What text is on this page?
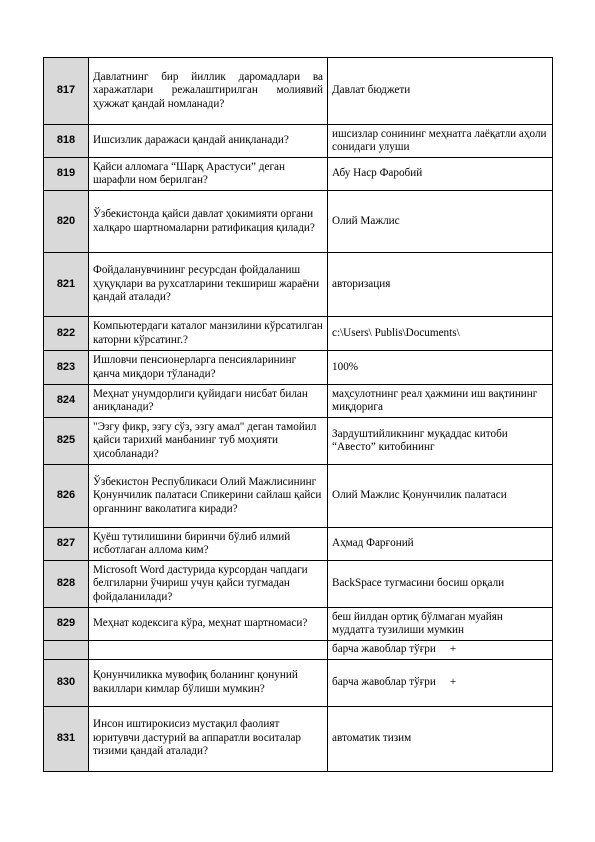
817	Давлатнинг бир йиллик даромадлари ва харажатлари режалаштирилган молиявий ҳужжат қандай номланади?	Давлат бюджети
818	Ишсизлик даражаси қандай аниқланади?	ишсизлар сонининг меҳнатга лаёқатли аҳоли сонидаги улуши
819	Қайси алломага “Шарқ Арастуси” деган шарафли ном берилган?	Абу Наср Фаробий
820	Ўзбекистонда қайси давлат ҳокимияти органи халқаро шартномаларни ратификация қилади?	Олий Мажлис
821	Фойдаланувчининг ресурсдан фойдаланиш ҳуқуқлари ва рухсатларини текшириш жараёни қандай аталади?	авторизация
822	Компьютердаги каталог манзилини кўрсатилган каторни кўрсатинг.?	c:\Users\ Publis\Documents\
823	Ишловчи пенсионерларга пенсияларининг қанча миқдори тўланади?	100%
824	Меҳнат унумдорлиги қуйидаги нисбат билан аниқланади?	маҳсулотнинг реал ҳажмини иш вақтининг миқдорига
825	"Эзгу фикр, эзгу сўз, эзгу амал" деган тамойил қайси тарихий манбанинг туб моҳияти ҳисобланади?	Зардуштийликнинг муқаддас китоби “Авесто” китобининг
826	Ўзбекистон Республикаси Олий Мажлисининг Қонунчилик палатаси Спикерини сайлаш қайси органнинг ваколатига киради?	Олий Мажлис Қонунчилик палатаси
827	Қуёш тутилишини биринчи бўлиб илмий исботлаган аллома ким?	Аҳмад Фарғоний
828	Microsoft Word дастурида курсордан чапдаги белгиларни ўчириш учун қайси тугмадан фойдаланилади?	BackSpace тугмасини босиш орқали
829	Меҳнат кодексига кўра, меҳнат шартномаси?	беш йилдан ортиқ бўлмаган муайян муддатга тузилиши мумкин
		барча жавоблар тўғри +
830	Қонунчиликка мувофиқ боланинг қонуний вакиллари кимлар бўлиши мумкин?	барча жавоблар тўғри +
831	Инсон иштирокисиз мустақил фаолият юритувчи дастурий ва аппаратли воситалар тизими қандай аталади?	автоматик тизим
